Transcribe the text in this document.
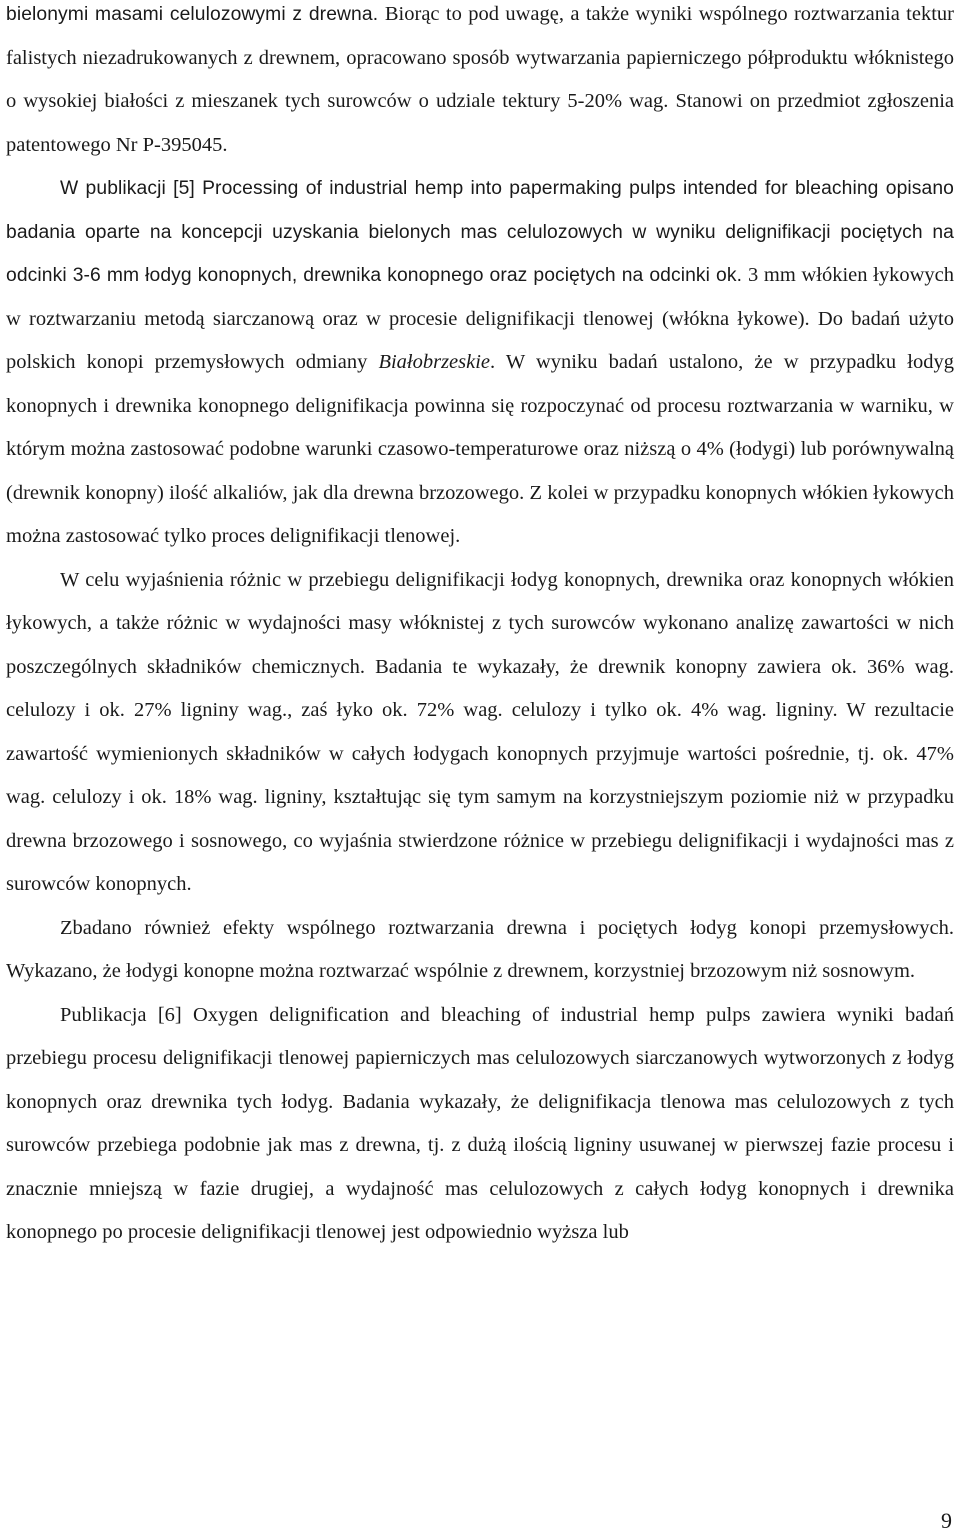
bielonymi masami celulozowymi z drewna. Biorąc to pod uwagę, a także wyniki wspólnego roztwarzania tektur falistych niezadrukowanych z drewnem, opracowano sposób wytwarzania papierniczego półproduktu włóknistego o wysokiej białości z mieszanek tych surowców o udziale tektury 5-20% wag. Stanowi on przedmiot zgłoszenia patentowego Nr P-395045.

W publikacji [5] Processing of industrial hemp into papermaking pulps intended for bleaching opisano badania oparte na koncepcji uzyskania bielonych mas celulozowych w wyniku delignifikacji pociętych na odcinki 3-6 mm łodyg konopnych, drewnika konopnego oraz pociętych na odcinki ok. 3 mm włókien łykowych w roztwarzaniu metodą siarczanową oraz w procesie delignifikacji tlenowej (włókna łykowe). Do badań użyto polskich konopi przemysłowych odmiany Białobrzeskie. W wyniku badań ustalono, że w przypadku łodyg konopnych i drewnika konopnego delignifikacja powinna się rozpoczynać od procesu roztwarzania w warniku, w którym można zastosować podobne warunki czasowo-temperaturowe oraz niższą o 4% (łodygi) lub porównywalną (drewnik konopny) ilość alkaliów, jak dla drewna brzozowego. Z kolei w przypadku konopnych włókien łykowych można zastosować tylko proces delignifikacji tlenowej.

W celu wyjaśnienia różnic w przebiegu delignifikacji łodyg konopnych, drewnika oraz konopnych włókien łykowych, a także różnic w wydajności masy włóknistej z tych surowców wykonano analizę zawartości w nich poszczególnych składników chemicznych. Badania te wykazały, że drewnik konopny zawiera ok. 36% wag. celulozy i ok. 27% ligniny wag., zaś łyko ok. 72% wag. celulozy i tylko ok. 4% wag. ligniny. W rezultacie zawartość wymienionych składników w całych łodygach konopnych przyjmuje wartości pośrednie, tj. ok. 47% wag. celulozy i ok. 18% wag. ligniny, kształtując się tym samym na korzystniejszym poziomie niż w przypadku drewna brzozowego i sosnowego, co wyjaśnia stwierdzone różnice w przebiegu delignifikacji i wydajności mas z surowców konopnych.

Zbadano również efekty wspólnego roztwarzania drewna i pociętych łodyg konopi przemysłowych. Wykazano, że łodygi konopne można roztwarzać wspólnie z drewnem, korzystniej brzozowym niż sosnowym.

Publikacja [6] Oxygen delignification and bleaching of industrial hemp pulps zawiera wyniki badań przebiegu procesu delignifikacji tlenowej papierniczych mas celulozowych siarczanowych wytworzonych z łodyg konopnych oraz drewnika tych łodyg. Badania wykazały, że delignifikacja tlenowa mas celulozowych z tych surowców przebiega podobnie jak mas z drewna, tj. z dużą ilością ligniny usuwanej w pierwszej fazie procesu i znacznie mniejszą w fazie drugiej, a wydajność mas celulozowych z całych łodyg konopnych i drewnika konopnego po procesie delignifikacji tlenowej jest odpowiednio wyższa lub

9
